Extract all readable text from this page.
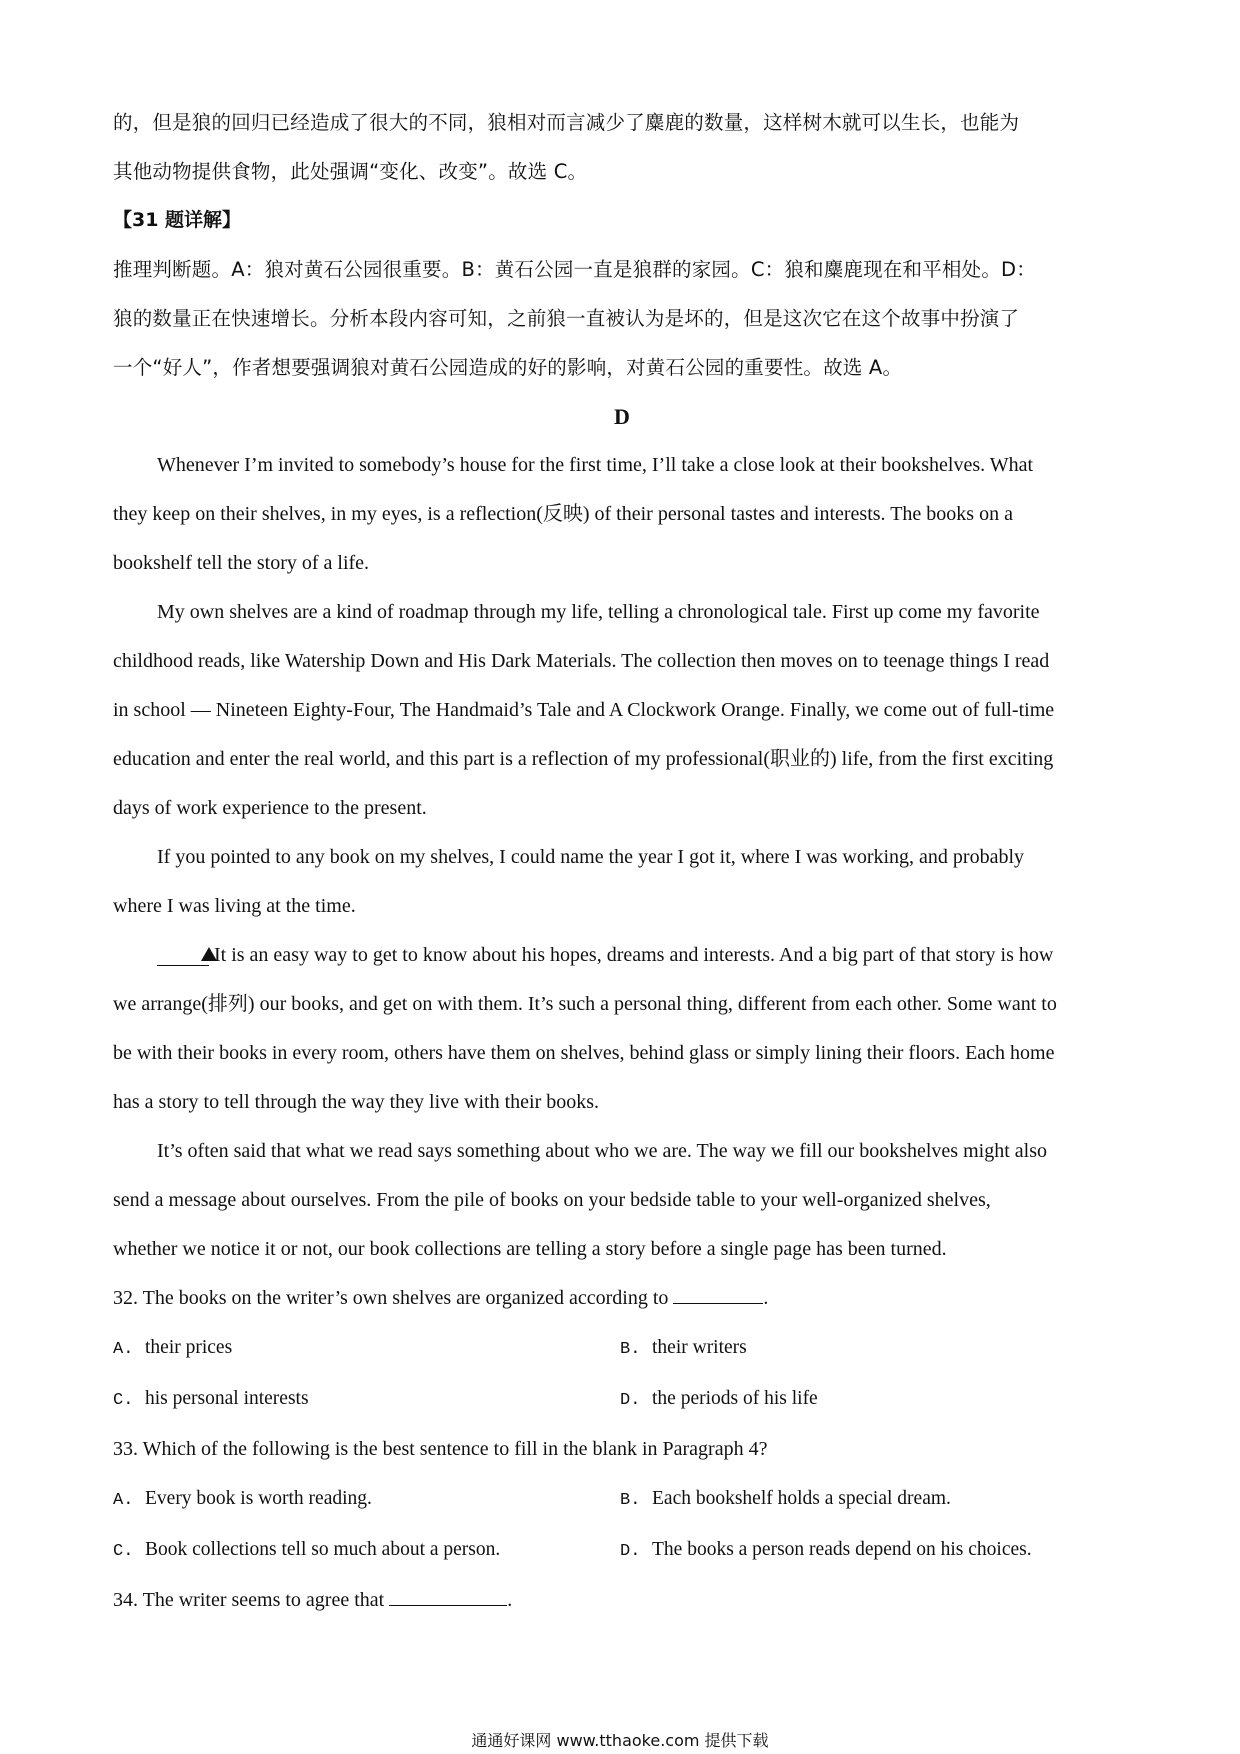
的，但是狼的回归已经造成了很大的不同，狼相对而言减少了麋鹿的数量，这样树木就可以生长，也能为

其他动物提供食物，此处强调“变化、改变”。故选 C。

【31 题详解】

推理判断题。A：狼对黄石公园很重要。B：黄石公园一直是狼群的家园。C：狼和麋鹿现在和平相处。D：

狼的数量正在快速增长。分析本段内容可知，之前狼一直被认为是坏的，但是这次它在这个故事中扮演了

一个“好人”，作者想要强调狼对黄石公园造成的好的影响，对黄石公园的重要性。故选 A。

D

Whenever I’m invited to somebody’s house for the first time, I’ll take a close look at their bookshelves. What

they keep on their shelves, in my eyes, is a reflection(反映) of their personal tastes and interests. The books on a

bookshelf tell the story of a life.

My own shelves are a kind of roadmap through my life, telling a chronological tale. First up come my favorite

childhood reads, like Watership Down and His Dark Materials. The collection then moves on to teenage things I read

in school — Nineteen Eighty-Four, The Handmaid’s Tale and A Clockwork Orange. Finally, we come out of full-time

education and enter the real world, and this part is a reflection of my professional(职业的) life, from the first exciting

days of work experience to the present.

If you pointed to any book on my shelves, I could name the year I got it, where I was working, and probably

where I was living at the time.

It is an easy way to get to know about his hopes, dreams and interests. And a big part of that story is how

we arrange(排列) our books, and get on with them. It’s such a personal thing, different from each other. Some want to

be with their books in every room, others have them on shelves, behind glass or simply lining their floors. Each home

has a story to tell through the way they live with their books.

It’s often said that what we read says something about who we are. The way we fill our bookshelves might also

send a message about ourselves. From the pile of books on your bedside table to your well-organized shelves,

whether we notice it or not, our book collections are telling a story before a single page has been turned.

32. The books on the writer’s own shelves are organized according to	.

A. their prices	B. their writers
C. his personal interests	D. the periods of his life

33. Which of the following is the best sentence to fill in the blank in Paragraph 4?

A. Every book is worth reading.	B. Each bookshelf holds a special dream.
C. Book collections tell so much about a person.	D. The books a person reads depend on his choices.

34. The writer seems to agree that	.

通通好课网 www.tthaoke.com 提供下载
